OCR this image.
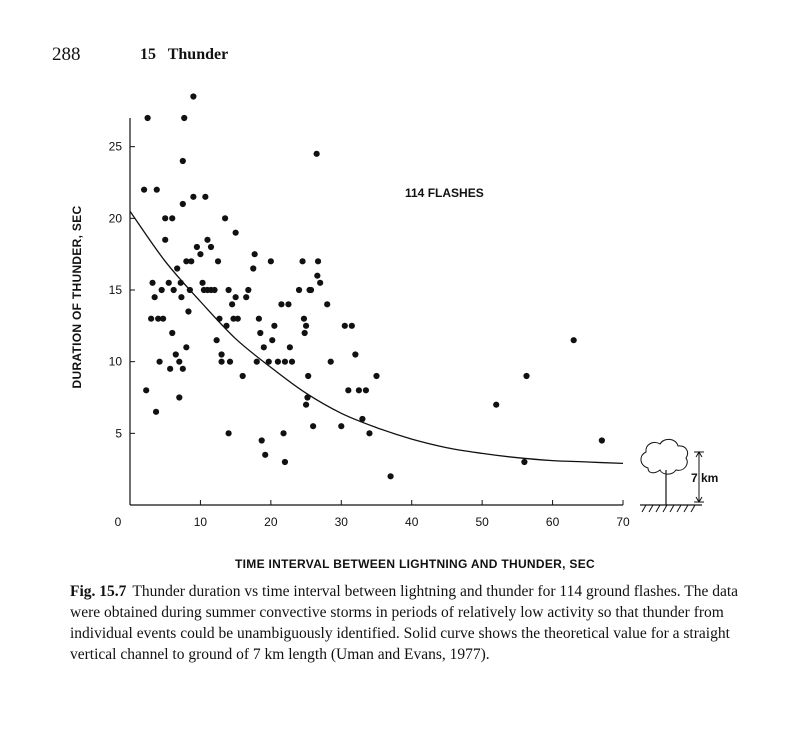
288	15 Thunder
0	10	20	30	40	50	60	70
5
10
15
20
25
114 FLASHES
DURATION OF THUNDER, SEC
TIME INTERVAL BETWEEN LIGHTNING AND THUNDER, SEC
7 km
Fig. 15.7 Thunder duration vs time interval between lightning and thunder for 114 ground flashes. The data were obtained during summer convective storms in periods of relatively low activity so that thunder from individual events could be unambiguously identified. Solid curve shows the theoretical value for a straight vertical channel to ground of 7 km length (Uman and Evans, 1977).
